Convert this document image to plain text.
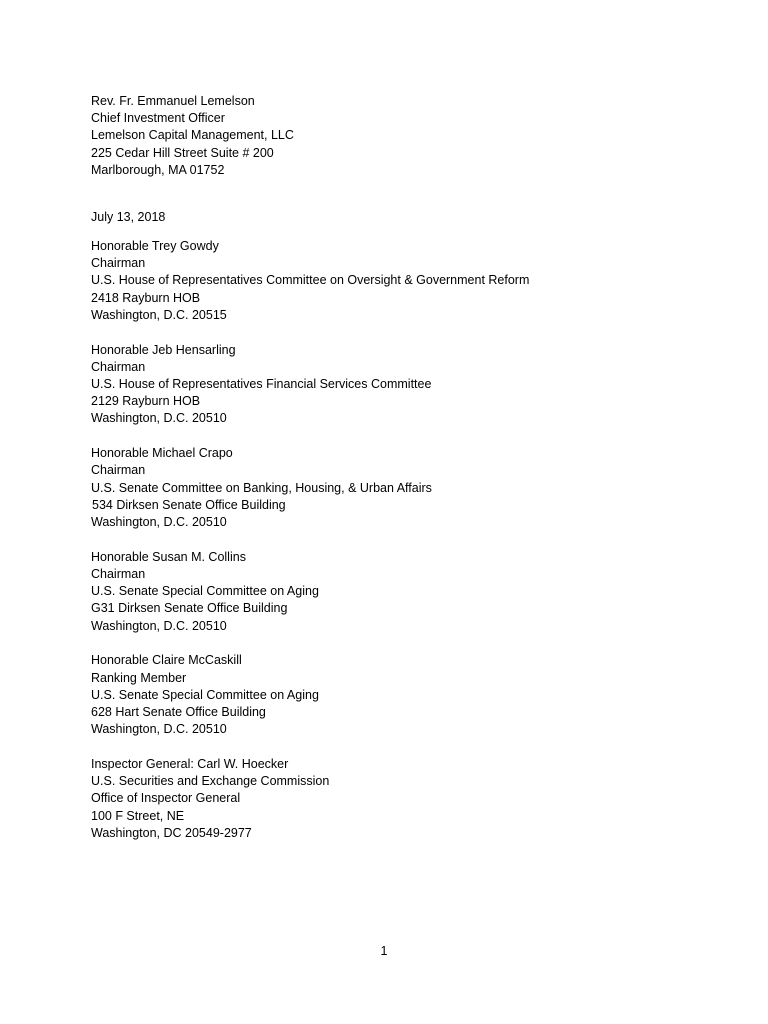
Rev. Fr. Emmanuel Lemelson
Chief Investment Officer
Lemelson Capital Management, LLC
225 Cedar Hill Street Suite # 200
Marlborough, MA 01752
July 13, 2018
Honorable Trey Gowdy
Chairman
U.S. House of Representatives Committee on Oversight & Government Reform
2418 Rayburn HOB
Washington, D.C. 20515
Honorable Jeb Hensarling
Chairman
U.S. House of Representatives Financial Services Committee
2129 Rayburn HOB
Washington, D.C. 20510
Honorable Michael Crapo
Chairman
U.S. Senate Committee on Banking, Housing, & Urban Affairs
534 Dirksen Senate Office Building
Washington, D.C. 20510
Honorable Susan M. Collins
Chairman
U.S. Senate Special Committee on Aging
G31 Dirksen Senate Office Building
Washington, D.C. 20510
Honorable Claire McCaskill
Ranking Member
U.S. Senate Special Committee on Aging
628 Hart Senate Office Building
Washington, D.C. 20510
Inspector General: Carl W. Hoecker
U.S. Securities and Exchange Commission
Office of Inspector General
100 F Street, NE
Washington, DC 20549-2977
1
